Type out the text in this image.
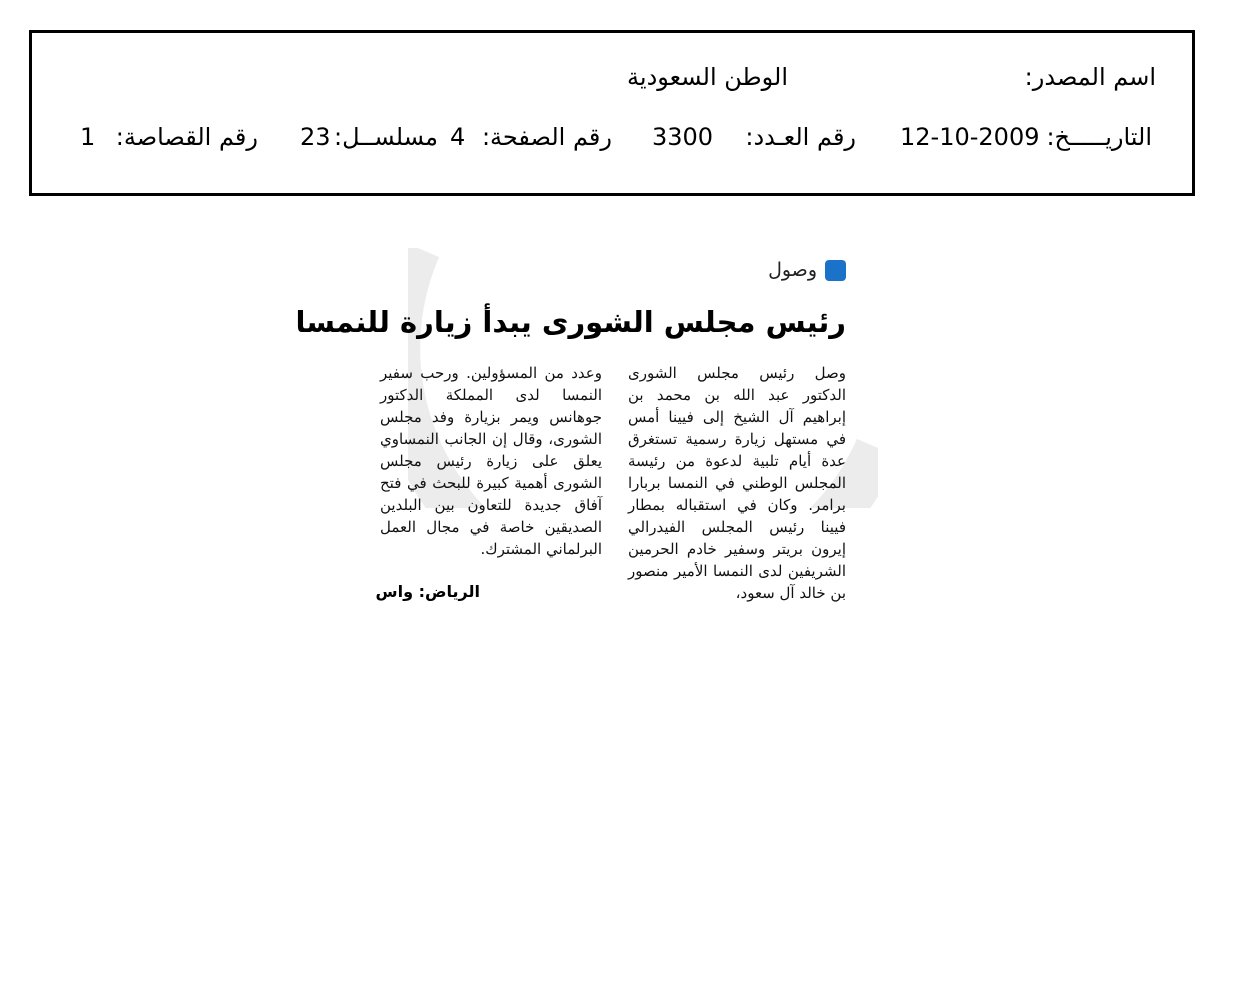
اسم المصدر:
الوطن السعودية
التاريـــــخ:
12-10-2009
رقم العـدد:
3300
رقم الصفحة:
4
مسلســل:
23
رقم القصاصة:
1
وصول
رئيس مجلس الشورى يبدأ زيارة للنمسا

وصل رئيس مجلس الشورى الدكتور عبد الله بن محمد بن إبراهيم آل الشيخ إلى فيينا أمس في مستهل زيارة رسمية تستغرق عدة أيام تلبية لدعوة من رئيسة المجلس الوطني في النمسا بربارا برامر. وكان في استقباله بمطار فيينا رئيس المجلس الفيدرالي إيرون بريتر وسفير خادم الحرمين الشريفين لدى النمسا الأمير منصور بن خالد آل سعود،

وعدد من المسؤولين. ورحب سفير النمسا لدى المملكة الدكتور جوهانس ويمر بزيارة وفد مجلس الشورى، وقال إن الجانب النمساوي يعلق على زيارة رئيس مجلس الشورى أهمية كبيرة للبحث في فتح آفاق جديدة للتعاون بين البلدين الصديقين خاصة في مجال العمل البرلماني المشترك.

الرياض: واس
